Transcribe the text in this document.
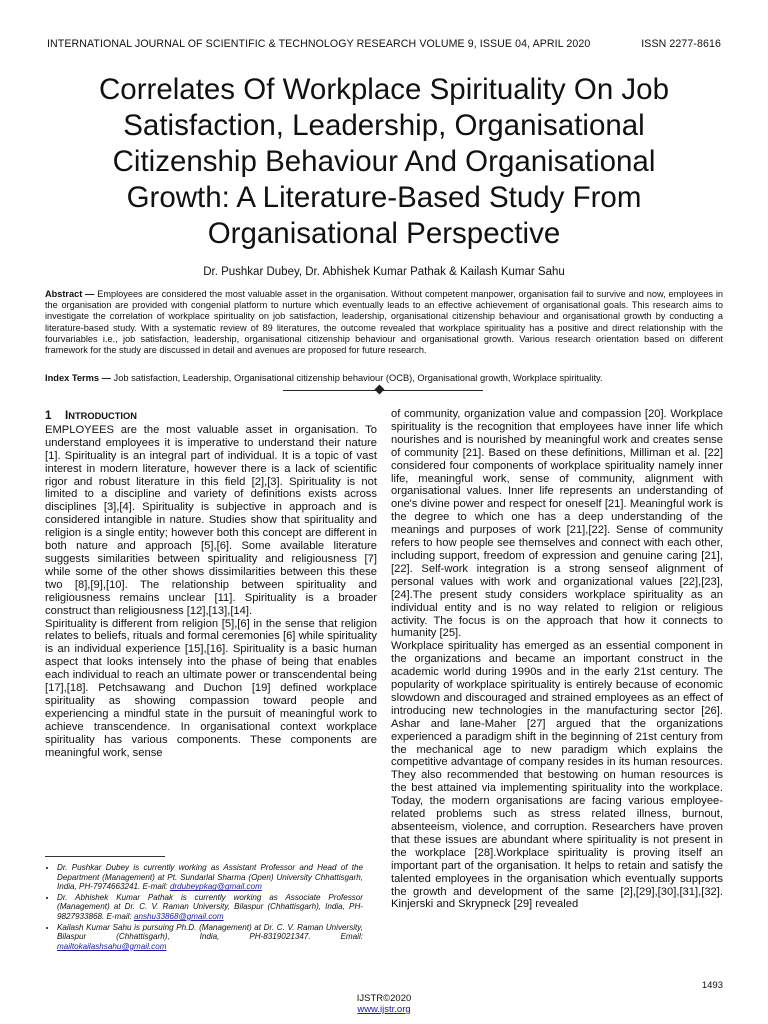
INTERNATIONAL JOURNAL OF SCIENTIFIC & TECHNOLOGY RESEARCH VOLUME 9, ISSUE 04, APRIL 2020	ISSN 2277-8616
Correlates Of Workplace Spirituality On Job
Satisfaction, Leadership, Organisational
Citizenship Behaviour And Organisational
Growth: A Literature-Based Study From
Organisational Perspective
Dr. Pushkar Dubey, Dr. Abhishek Kumar Pathak & Kailash Kumar Sahu
Abstract — Employees are considered the most valuable asset in the organisation. Without competent manpower, organisation fail to survive and now, employees in the organisation are provided with congenial platform to nurture which eventually leads to an effective achievement of organisational goals. This research aims to investigate the correlation of workplace spirituality on job satisfaction, leadership, organisational citizenship behaviour and organisational growth by conducting a literature-based study. With a systematic review of 89 literatures, the outcome revealed that workplace spirituality has a positive and direct relationship with the fourvariables i.e., job satisfaction, leadership, organisational citizenship behaviour and organisational growth. Various research orientation based on different framework for the study are discussed in detail and avenues are proposed for future research.
Index Terms — Job satisfaction, Leadership, Organisational citizenship behaviour (OCB), Organisational growth, Workplace spirituality.
1 INTRODUCTION

EMPLOYEES are the most valuable asset in organisation. To understand employees it is imperative to understand their nature [1]. Spirituality is an integral part of individual. It is a topic of vast interest in modern literature, however there is a lack of scientific rigor and robust literature in this field [2],[3]. Spirituality is not limited to a discipline and variety of definitions exists across disciplines [3],[4]. Spirituality is subjective in approach and is considered intangible in nature. Studies show that spirituality and religion is a single entity; however both this concept are different in both nature and approach [5],[6]. Some available literature suggests similarities between spirituality and religiousness [7] while some of the other shows dissimilarities between this these two [8],[9],[10]. The relationship between spirituality and religiousness remains unclear [11]. Spirituality is a broader construct than religiousness [12],[13],[14].

Spirituality is different from religion [5],[6] in the sense that religion relates to beliefs, rituals and formal ceremonies [6] while spirituality is an individual experience [15],[16]. Spirituality is a basic human aspect that looks intensely into the phase of being that enables each individual to reach an ultimate power or transcendental being [17],[18]. Petchsawang and Duchon [19] defined workplace spirituality as showing compassion toward people and experiencing a mindful state in the pursuit of meaningful work to achieve transcendence. In organisational context workplace spirituality has various components. These components are meaningful work, sense

of community, organization value and compassion [20]. Workplace spirituality is the recognition that employees have inner life which nourishes and is nourished by meaningful work and creates sense of community [21]. Based on these definitions, Milliman et al. [22] considered four components of workplace spirituality namely inner life, meaningful work, sense of community, alignment with organisational values. Inner life represents an understanding of one's divine power and respect for oneself [21]. Meaningful work is the degree to which one has a deep understanding of the meanings and purposes of work [21],[22]. Sense of community refers to how people see themselves and connect with each other, including support, freedom of expression and genuine caring [21],[22]. Self-work integration is a strong senseof alignment of personal values with work and organizational values [22],[23],[24].The present study considers workplace spirituality as an individual entity and is no way related to religion or religious activity. The focus is on the approach that how it connects to humanity [25].

Workplace spirituality has emerged as an essential component in the organizations and became an important construct in the academic world during 1990s and in the early 21st century. The popularity of workplace spirituality is entirely because of economic slowdown and discouraged and strained employees as an effect of introducing new technologies in the manufacturing sector [26]. Ashar and lane-Maher [27] argued that the organizations experienced a paradigm shift in the beginning of 21st century from the mechanical age to new paradigm which explains the competitive advantage of company resides in its human resources. They also recommended that bestowing on human resources is the best attained via implementing spirituality into the workplace. Today, the modern organisations are facing various employee-related problems such as stress related illness, burnout, absenteeism, violence, and corruption. Researchers have proven that these issues are abundant where spirituality is not present in the workplace [28].Workplace spirituality is proving itself an important part of the organisation. It helps to retain and satisfy the talented employees in the organisation which eventually supports the growth and development of the same [2],[29],[30],[31],[32]. Kinjerski and Skrypneck [29] revealed

• Dr. Pushkar Dubey is currently working as Assistant Professor and Head of the Department (Management) at Pt. Sundarlal Sharma (Open) University Chhattisgarh, India, PH-7974663241. E-mail: drdubeypkag@gmail.com
• Dr. Abhishek Kumar Pathak is currently working as Associate Professor (Management) at Dr. C. V. Raman University, Bilaspur (Chhattisgarh), India, PH-9827933868. E-mail: anshu33868@gmail.com
• Kailash Kumar Sahu is pursuing Ph.D. (Management) at Dr. C. V. Raman University, Bilaspur (Chhattisgarh), India, PH-8319021347. Email: mailtokailashsahu@gmail.com
1493
IJSTR©2020
www.ijstr.org
